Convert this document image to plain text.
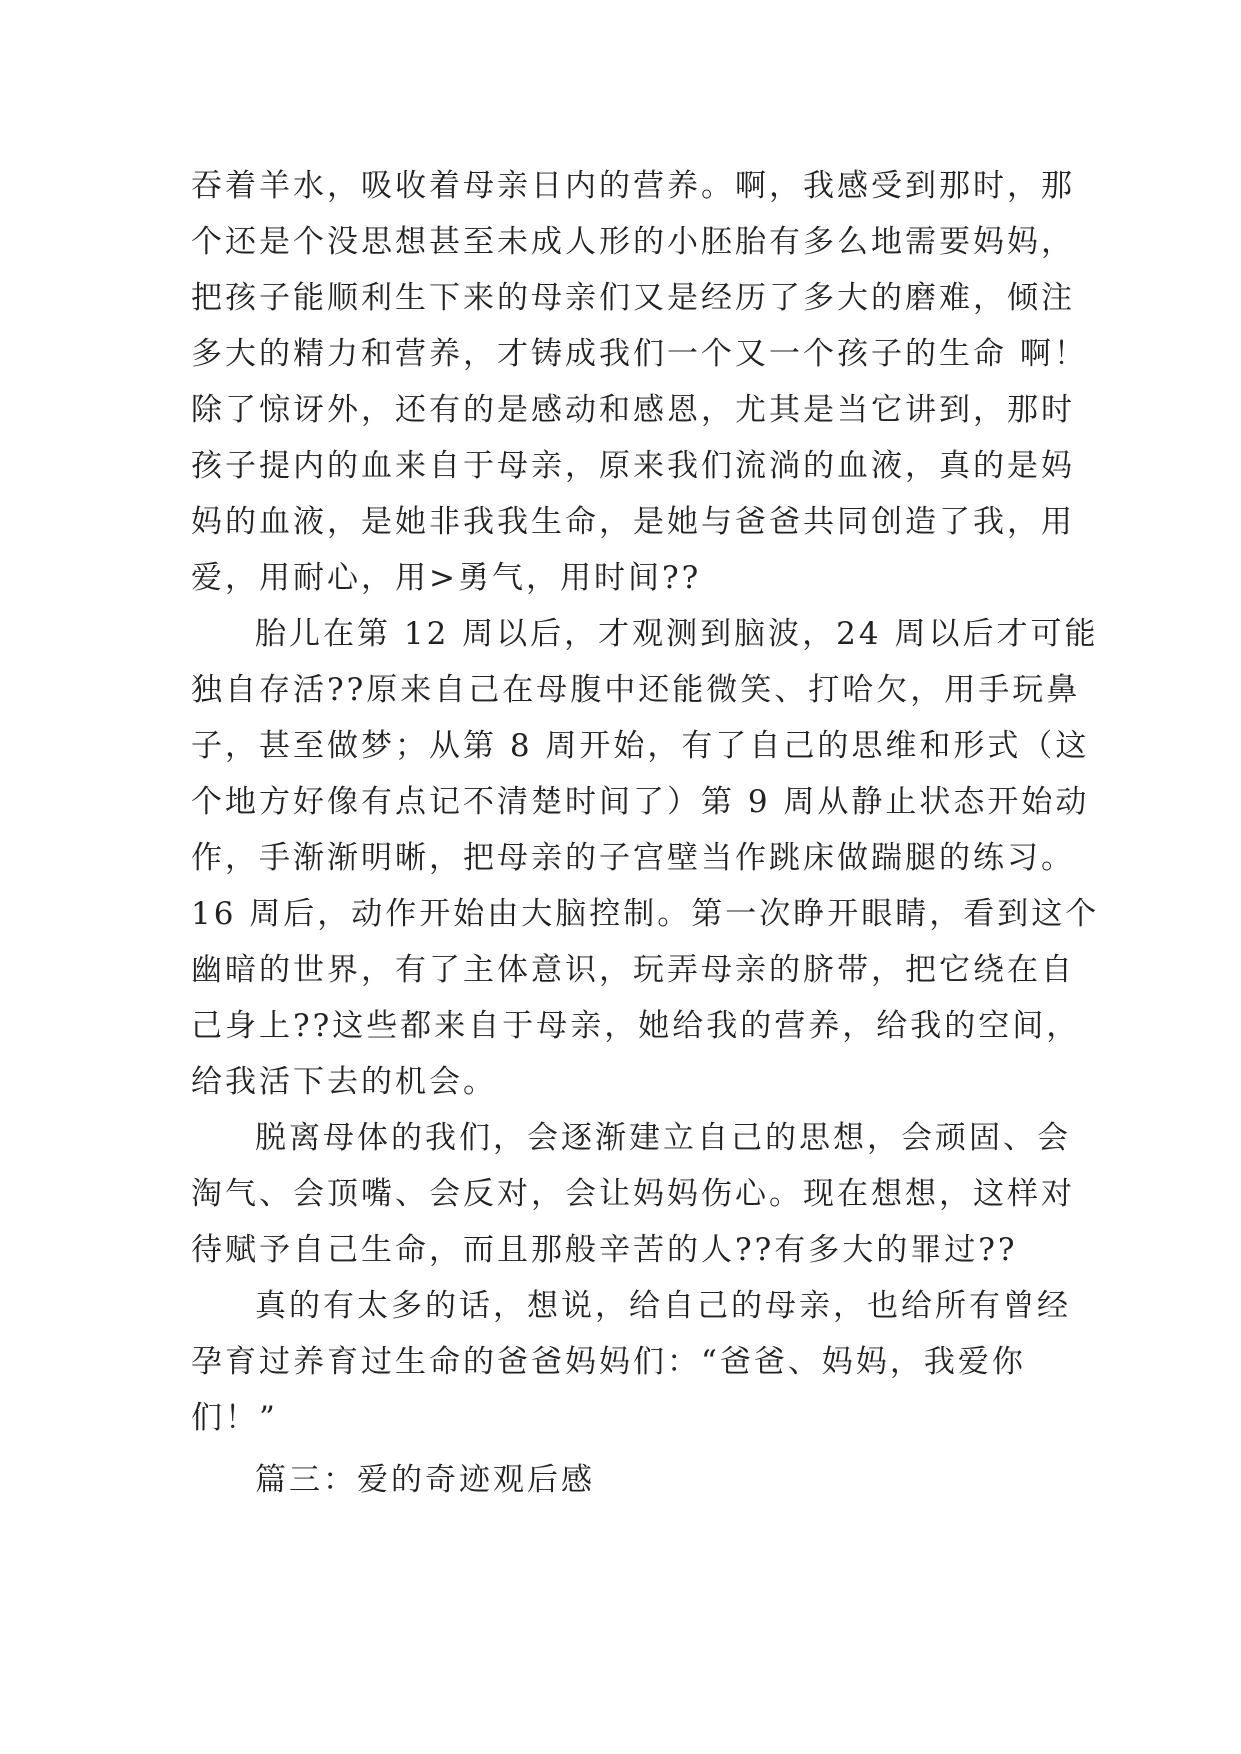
吞着羊水，吸收着母亲日内的营养。啊，我感受到那时，那
个还是个没思想甚至未成人形的小胚胎有多么地需要妈妈，
把孩子能顺利生下来的母亲们又是经历了多大的磨难，倾注
多大的精力和营养，才铸成我们一个又一个孩子的生命 啊！
除了惊讶外，还有的是感动和感恩，尤其是当它讲到，那时
孩子提内的血来自于母亲，原来我们流淌的血液，真的是妈
妈的血液，是她非我我生命，是她与爸爸共同创造了我，用
爱，用耐心，用>勇气，用时间??
胎儿在第 12 周以后，才观测到脑波，24 周以后才可能
独自存活??原来自己在母腹中还能微笑、打哈欠，用手玩鼻
子，甚至做梦；从第 8 周开始，有了自己的思维和形式（这
个地方好像有点记不清楚时间了）第 9 周从静止状态开始动
作，手渐渐明晰，把母亲的子宫壁当作跳床做踹腿的练习。
16 周后，动作开始由大脑控制。第一次睁开眼睛，看到这个
幽暗的世界，有了主体意识，玩弄母亲的脐带，把它绕在自
己身上??这些都来自于母亲，她给我的营养，给我的空间，
给我活下去的机会。
脱离母体的我们，会逐渐建立自己的思想，会顽固、会
淘气、会顶嘴、会反对，会让妈妈伤心。现在想想，这样对
待赋予自己生命，而且那般辛苦的人??有多大的罪过??
真的有太多的话，想说，给自己的母亲，也给所有曾经
孕育过养育过生命的爸爸妈妈们：“爸爸、妈妈，我爱你
们！”
篇三：爱的奇迹观后感
